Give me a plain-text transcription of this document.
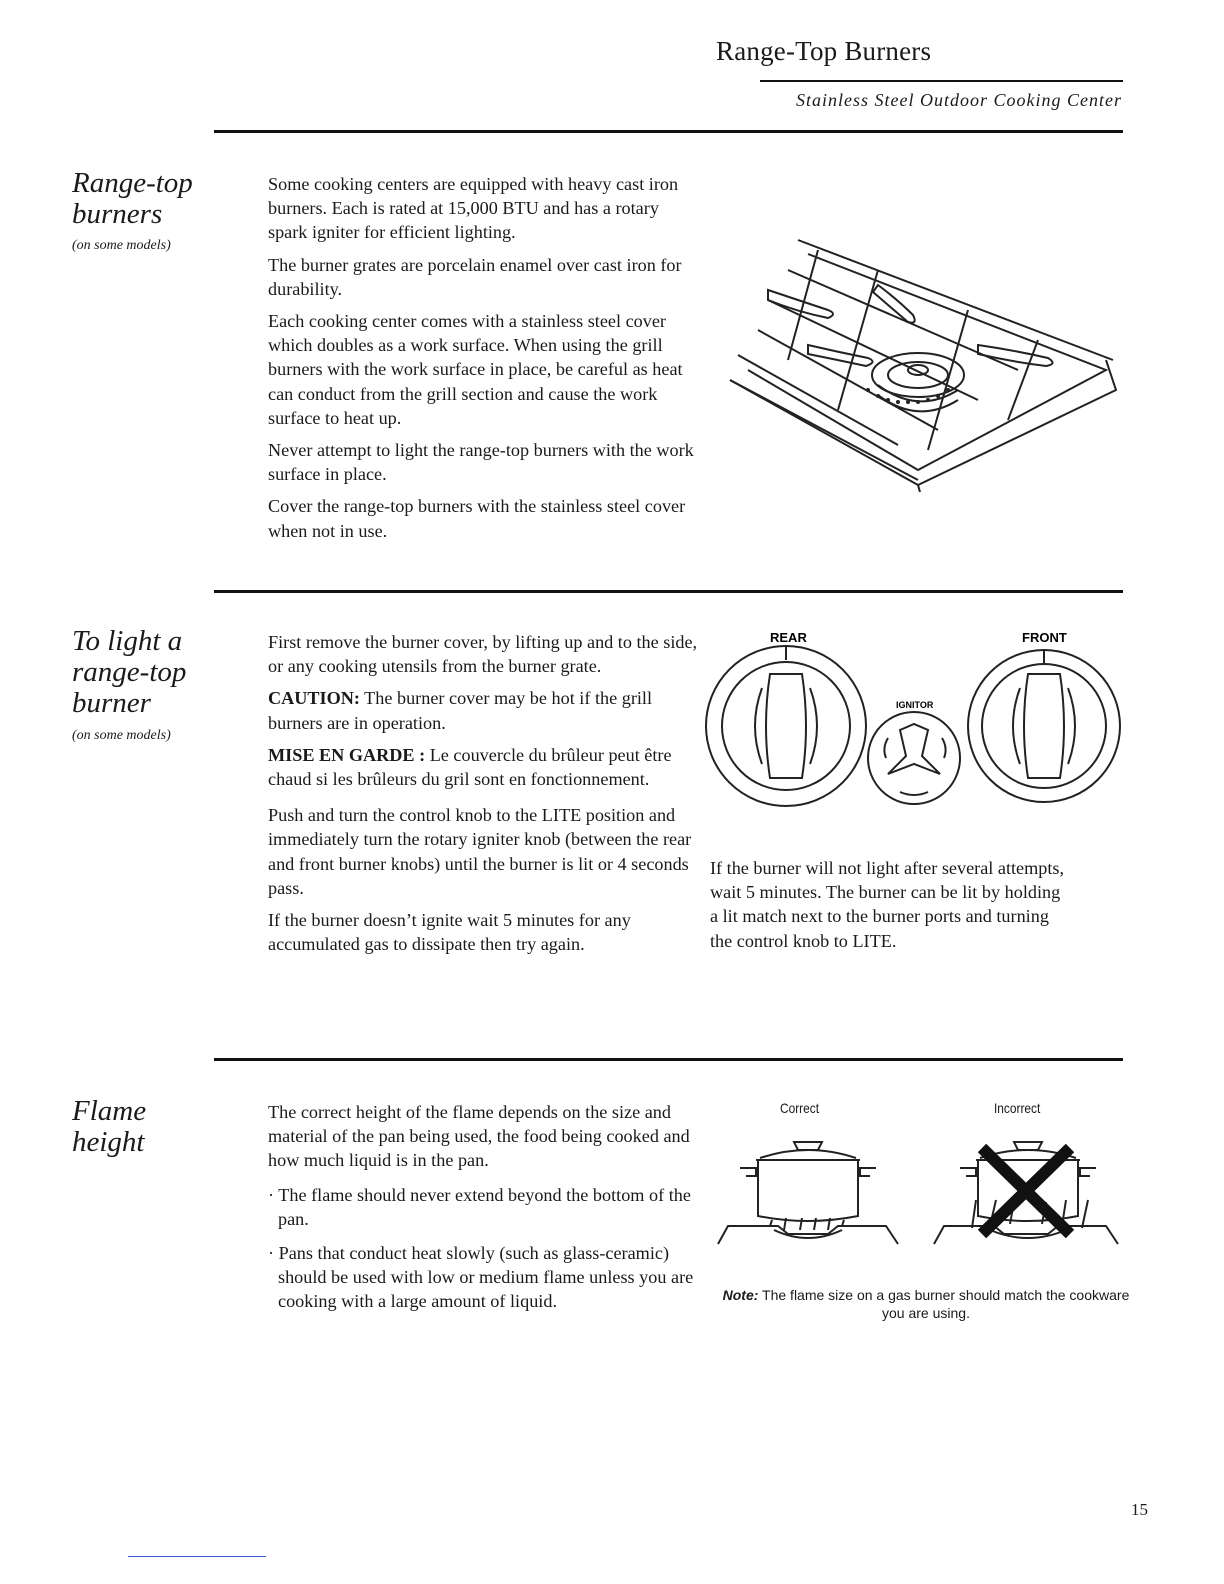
Range-Top Burners
Stainless Steel Outdoor Cooking Center
Range-top
burners
(on some models)

Some cooking centers are equipped with heavy cast iron burners. Each is rated at 15,000 BTU and has a rotary spark igniter for efficient lighting.

The burner grates are porcelain enamel over cast iron for durability.

Each cooking center comes with a stainless steel cover which doubles as a work surface. When using the grill burners with the work surface in place, be careful as heat can conduct from the grill section and cause the work surface to heat up.

Never attempt to light the range-top burners with the work surface in place.

Cover the range-top burners with the stainless steel cover when not in use.

To light a
range-top
burner
(on some models)

First remove the burner cover, by lifting up and to the side, or any cooking utensils from the burner grate.

CAUTION: The burner cover may be hot if the grill burners are in operation.

MISE EN GARDE : Le couvercle du brûleur peut être chaud si les brûleurs du gril sont en fonctionnement.

Push and turn the control knob to the LITE position and immediately turn the rotary igniter knob (between the rear and front burner knobs) until the burner is lit or 4 seconds pass.

If the burner doesn’t ignite wait 5 minutes for any accumulated gas to dissipate then try again.

REAR	FRONT
IGNITOR
If the burner will not light after several attempts, wait 5 minutes. The burner can be lit by holding a lit match next to the burner ports and turning the control knob to LITE.
Flame
height

The correct height of the flame depends on the size and material of the pan being used, the food being cooked and how much liquid is in the pan.

· The flame should never extend beyond the bottom of the pan.

· Pans that conduct heat slowly (such as glass-ceramic) should be used with low or medium flame unless you are cooking with a large amount of liquid.

Correct	Incorrect
Note: The flame size on a gas burner should match the cookware you are using.
15
